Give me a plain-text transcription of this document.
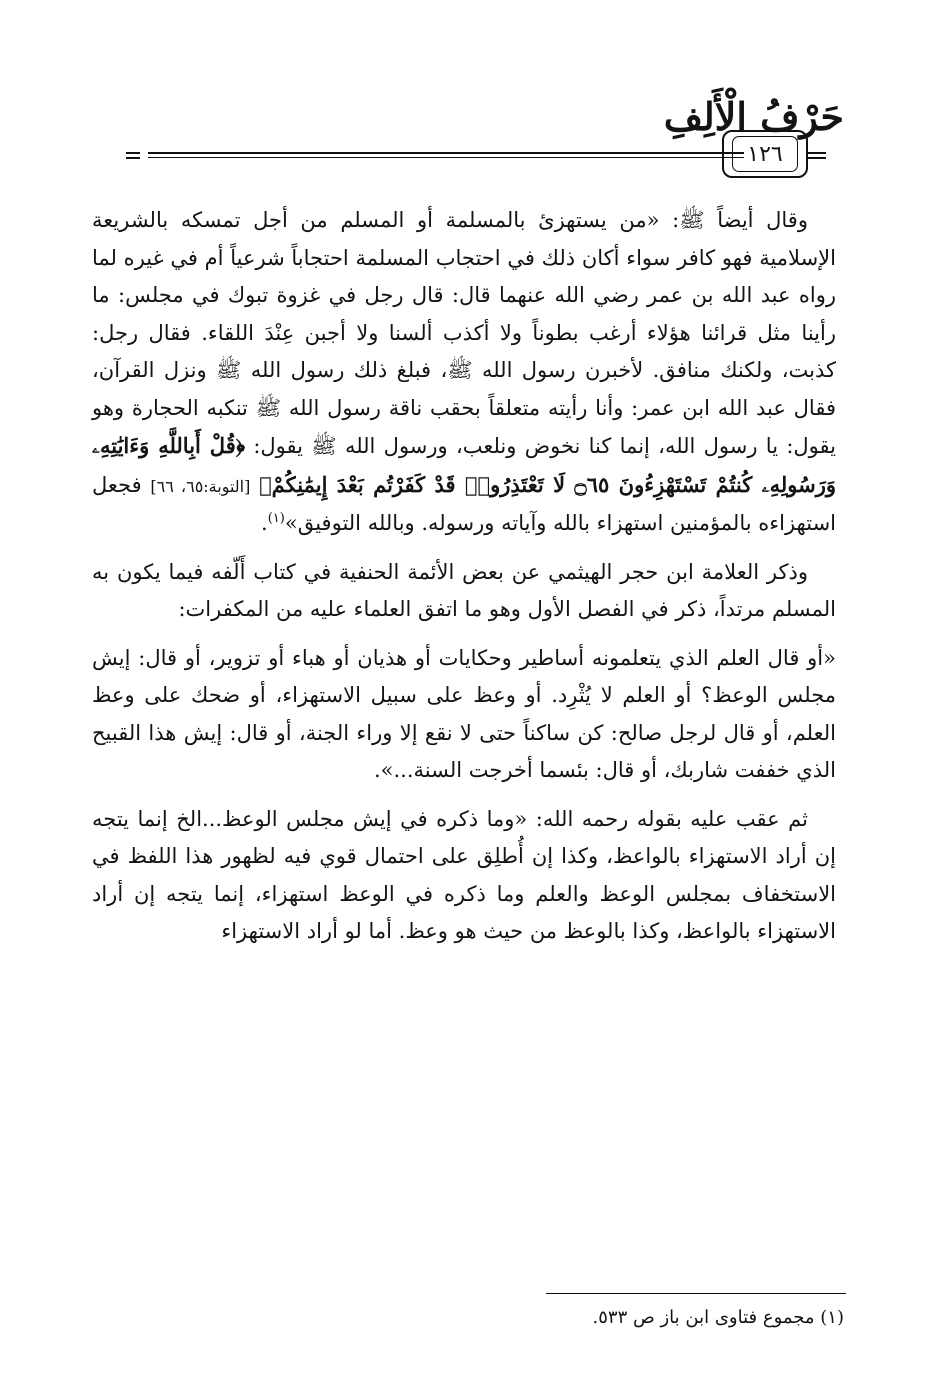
حَرْفُ الْأَلِفِ
١٢٦

وقال أيضاً ﷺ: «من يستهزئ بالمسلمة أو المسلم من أجل تمسكه بالشريعة الإسلامية فهو كافر سواء أكان ذلك في احتجاب المسلمة احتجاباً شرعياً أم في غيره لما رواه عبد الله بن عمر رضي الله عنهما قال: قال رجل في غزوة تبوك في مجلس: ما رأينا مثل قرائنا هؤلاء أرغب بطوناً ولا أكذب ألسنا ولا أجبن عِنْدَ اللقاء. فقال رجل: كذبت، ولكنك منافق. لأخبرن رسول الله ﷺ، فبلغ ذلك رسول الله ﷺ ونزل القرآن، فقال عبد الله ابن عمر: وأنا رأيته متعلقاً بحقب ناقة رسول الله ﷺ تنكبه الحجارة وهو يقول: يا رسول الله، إنما كنا نخوض ونلعب، ورسول الله ﷺ يقول: ﴿قُلْ أَبِاللَّهِ وَءَايَٰتِهِۦ وَرَسُولِهِۦ كُنتُمْ تَسْتَهْزِءُونَ ۝٦٥ لَا تَعْتَذِرُوا۟ قَدْ كَفَرْتُم بَعْدَ إِيمَٰنِكُمْ﴾ [التوبة:٦٥، ٦٦] فجعل استهزاءه بالمؤمنين استهزاء بالله وآياته ورسوله. وبالله التوفيق»$^{(١)}$.

وذكر العلامة ابن حجر الهيثمي عن بعض الأئمة الحنفية في كتاب أَلّفه فيما يكون به المسلم مرتداً، ذكر في الفصل الأول وهو ما اتفق العلماء عليه من المكفرات:

«أو قال العلم الذي يتعلمونه أساطير وحكايات أو هذيان أو هباء أو تزوير، أو قال: إيش مجلس الوعظ؟ أو العلم لا يُثْرِد. أو وعظ على سبيل الاستهزاء، أو ضحك على وعظ العلم، أو قال لرجل صالح: كن ساكناً حتى لا نقع إلا وراء الجنة، أو قال: إيش هذا القبيح الذي خففت شاربك، أو قال: بئسما أخرجت السنة...».

ثم عقب عليه بقوله رحمه الله: «وما ذكره في إيش مجلس الوعظ...الخ إنما يتجه إن أراد الاستهزاء بالواعظ، وكذا إن أُطلِق على احتمال قوي فيه لظهور هذا اللفظ في الاستخفاف بمجلس الوعظ والعلم وما ذكره في الوعظ استهزاء، إنما يتجه إن أراد الاستهزاء بالواعظ، وكذا بالوعظ من حيث هو وعظ. أما لو أراد الاستهزاء

(١) مجموع فتاوى ابن باز ص ٥٣٣.
